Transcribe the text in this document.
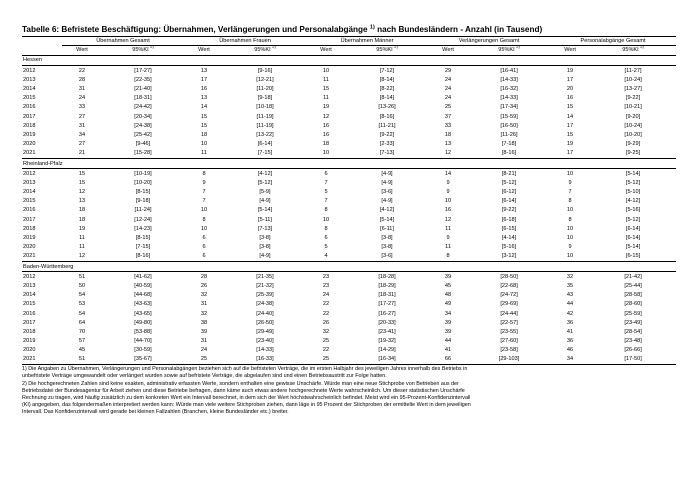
Tabelle 6: Befristete Beschäftigung: Übernahmen, Verlängerungen und Personalabgänge $^{1)}$ nach Bundesländern - Anzahl (in Tausend)
	Übernahmen Gesamt		Übernahmen Frauen		Übernahmen Männer		Verlängerungen Gesamt		Personalabgänge Gesamt	
	Wert	95%KI $^{2)}$	Wert	95%KI $^{2)}$	Wert	95%KI $^{2)}$	Wert	95%KI $^{2)}$	Wert	95%KI $^{2)}$
Hessen										
2012	22	[17-27]	13	[9-16]	10	[7-12]	29	[16-41]	19	[11-27]
2013	28	[22-35]	17	[12-21]	11	[8-14]	24	[14-33]	17	[10-24]
2014	31	[21-40]	16	[11-20]	15	[8-22]	24	[16-32]	20	[13-27]
2015	24	[18-31]	13	[9-18]	11	[8-14]	24	[14-33]	16	[9-22]
2016	33	[24-42]	14	[10-18]	19	[13-26]	25	[17-34]	15	[10-21]
2017	27	[20-34]	15	[11-19]	12	[8-16]	37	[15-59]	14	[9-20]
2018	31	[24-38]	15	[11-19]	16	[11-21]	33	[16-50]	17	[10-24]
2019	34	[25-42]	18	[13-22]	16	[9-22]	18	[11-26]	15	[10-20]
2020	27	[9-46]	10	[6-14]	18	[2-33]	13	[7-18]	19	[9-29]
2021	21	[15-28]	11	[7-15]	10	[7-13]	12	[8-16]	17	[9-25]
Rheinland-Pfalz										
2012	15	[10-19]	8	[4-12]	6	[4-9]	14	[8-21]	10	[5-14]
2013	15	[10-20]	9	[5-12]	7	[4-9]	9	[5-12]	9	[5-12]
2014	12	[8-15]	7	[5-9]	5	[3-6]	9	[6-12]	7	[5-10]
2015	13	[9-18]	7	[4-9]	7	[4-9]	10	[6-14]	8	[4-12]
2016	18	[11-24]	10	[5-14]	8	[4-12]	16	[9-22]	10	[5-16]
2017	18	[12-24]	8	[5-11]	10	[5-14]	12	[6-18]	8	[5-12]
2018	19	[14-23]	10	[7-13]	8	[6-11]	11	[6-15]	10	[6-14]
2019	11	[8-15]	6	[3-8]	6	[3-8]	9	[4-14]	10	[6-14]
2020	11	[7-15]	6	[3-8]	5	[3-8]	11	[5-16]	9	[5-14]
2021	12	[8-16]	6	[4-9]	4	[3-6]	8	[3-12]	10	[6-15]
Baden-Württemberg										
2012	51	[41-62]	28	[21-35]	23	[18-28]	39	[28-50]	32	[21-42]
2013	50	[40-59]	26	[21-32]	23	[18-29]	45	[22-68]	35	[25-44]
2014	54	[44-68]	32	[25-39]	24	[18-31]	48	[24-72]	43	[28-58]
2015	53	[43-63]	31	[24-38]	22	[17-27]	49	[29-69]	44	[28-60]
2016	54	[43-65]	32	[24-40]	22	[16-27]	34	[24-44]	42	[25-59]
2017	64	[49-80]	38	[26-50]	26	[20-33]	39	[22-57]	36	[23-49]
2018	70	[53-88]	39	[29-49]	32	[23-41]	39	[23-55]	41	[28-54]
2019	57	[44-70]	31	[23-40]	25	[19-32]	44	[27-60]	36	[23-48]
2020	45	[30-59]	24	[14-33]	22	[14-29]	41	[23-58]	46	[26-66]
2021	51	[35-67]	25	[16-33]	25	[16-34]	66	[29-103]	34	[17-50]
1) Die Angaben zu Übernahmen, Verlängerungen und Personalabgängen beziehen sich auf die befristeten Verträge, die im ersten Halbjahr des jeweiligen Jahres innerhalb des Betriebs in
unbefristete Verträge umgewandelt oder verlängert wurden sowie auf befristete Verträge, die abgelaufen sind und einen Betriebsaustritt zur Folge hatten.
2) Die hochgerechneten Zahlen sind keine exakten, administrativ erfassten Werte, sondern enthalten eine gewisse Unschärfe. Würde man eine neue Stichprobe von Betrieben aus der
Betriebsdatei der Bundesagentur für Arbeit ziehen und diese Betriebe befragen, dann käme auch etwas andere hochgerechnete Werte wahrscheinlich. Um dieser statistischen Unschärfe
Rechnung zu tragen, wird häufig zusätzlich zu dem konkreten Wert ein Intervall berechnet, in dem sich der Wert höchstwahrscheinlich befindet. Meist wird ein 95-Prozent-Konfidenzintervall
(KI) angegeben, das folgendermaßen interpretiert werden kann: Würde man viele weitere Stichproben ziehen, dann läge in 95 Prozent der Stichproben der ermittelte Wert in dem jeweiligen
Intervall. Das Konfidenzintervall wird gerade bei kleinen Fallzahlen (Branchen, kleine Bundesländer etc.) breiter.
